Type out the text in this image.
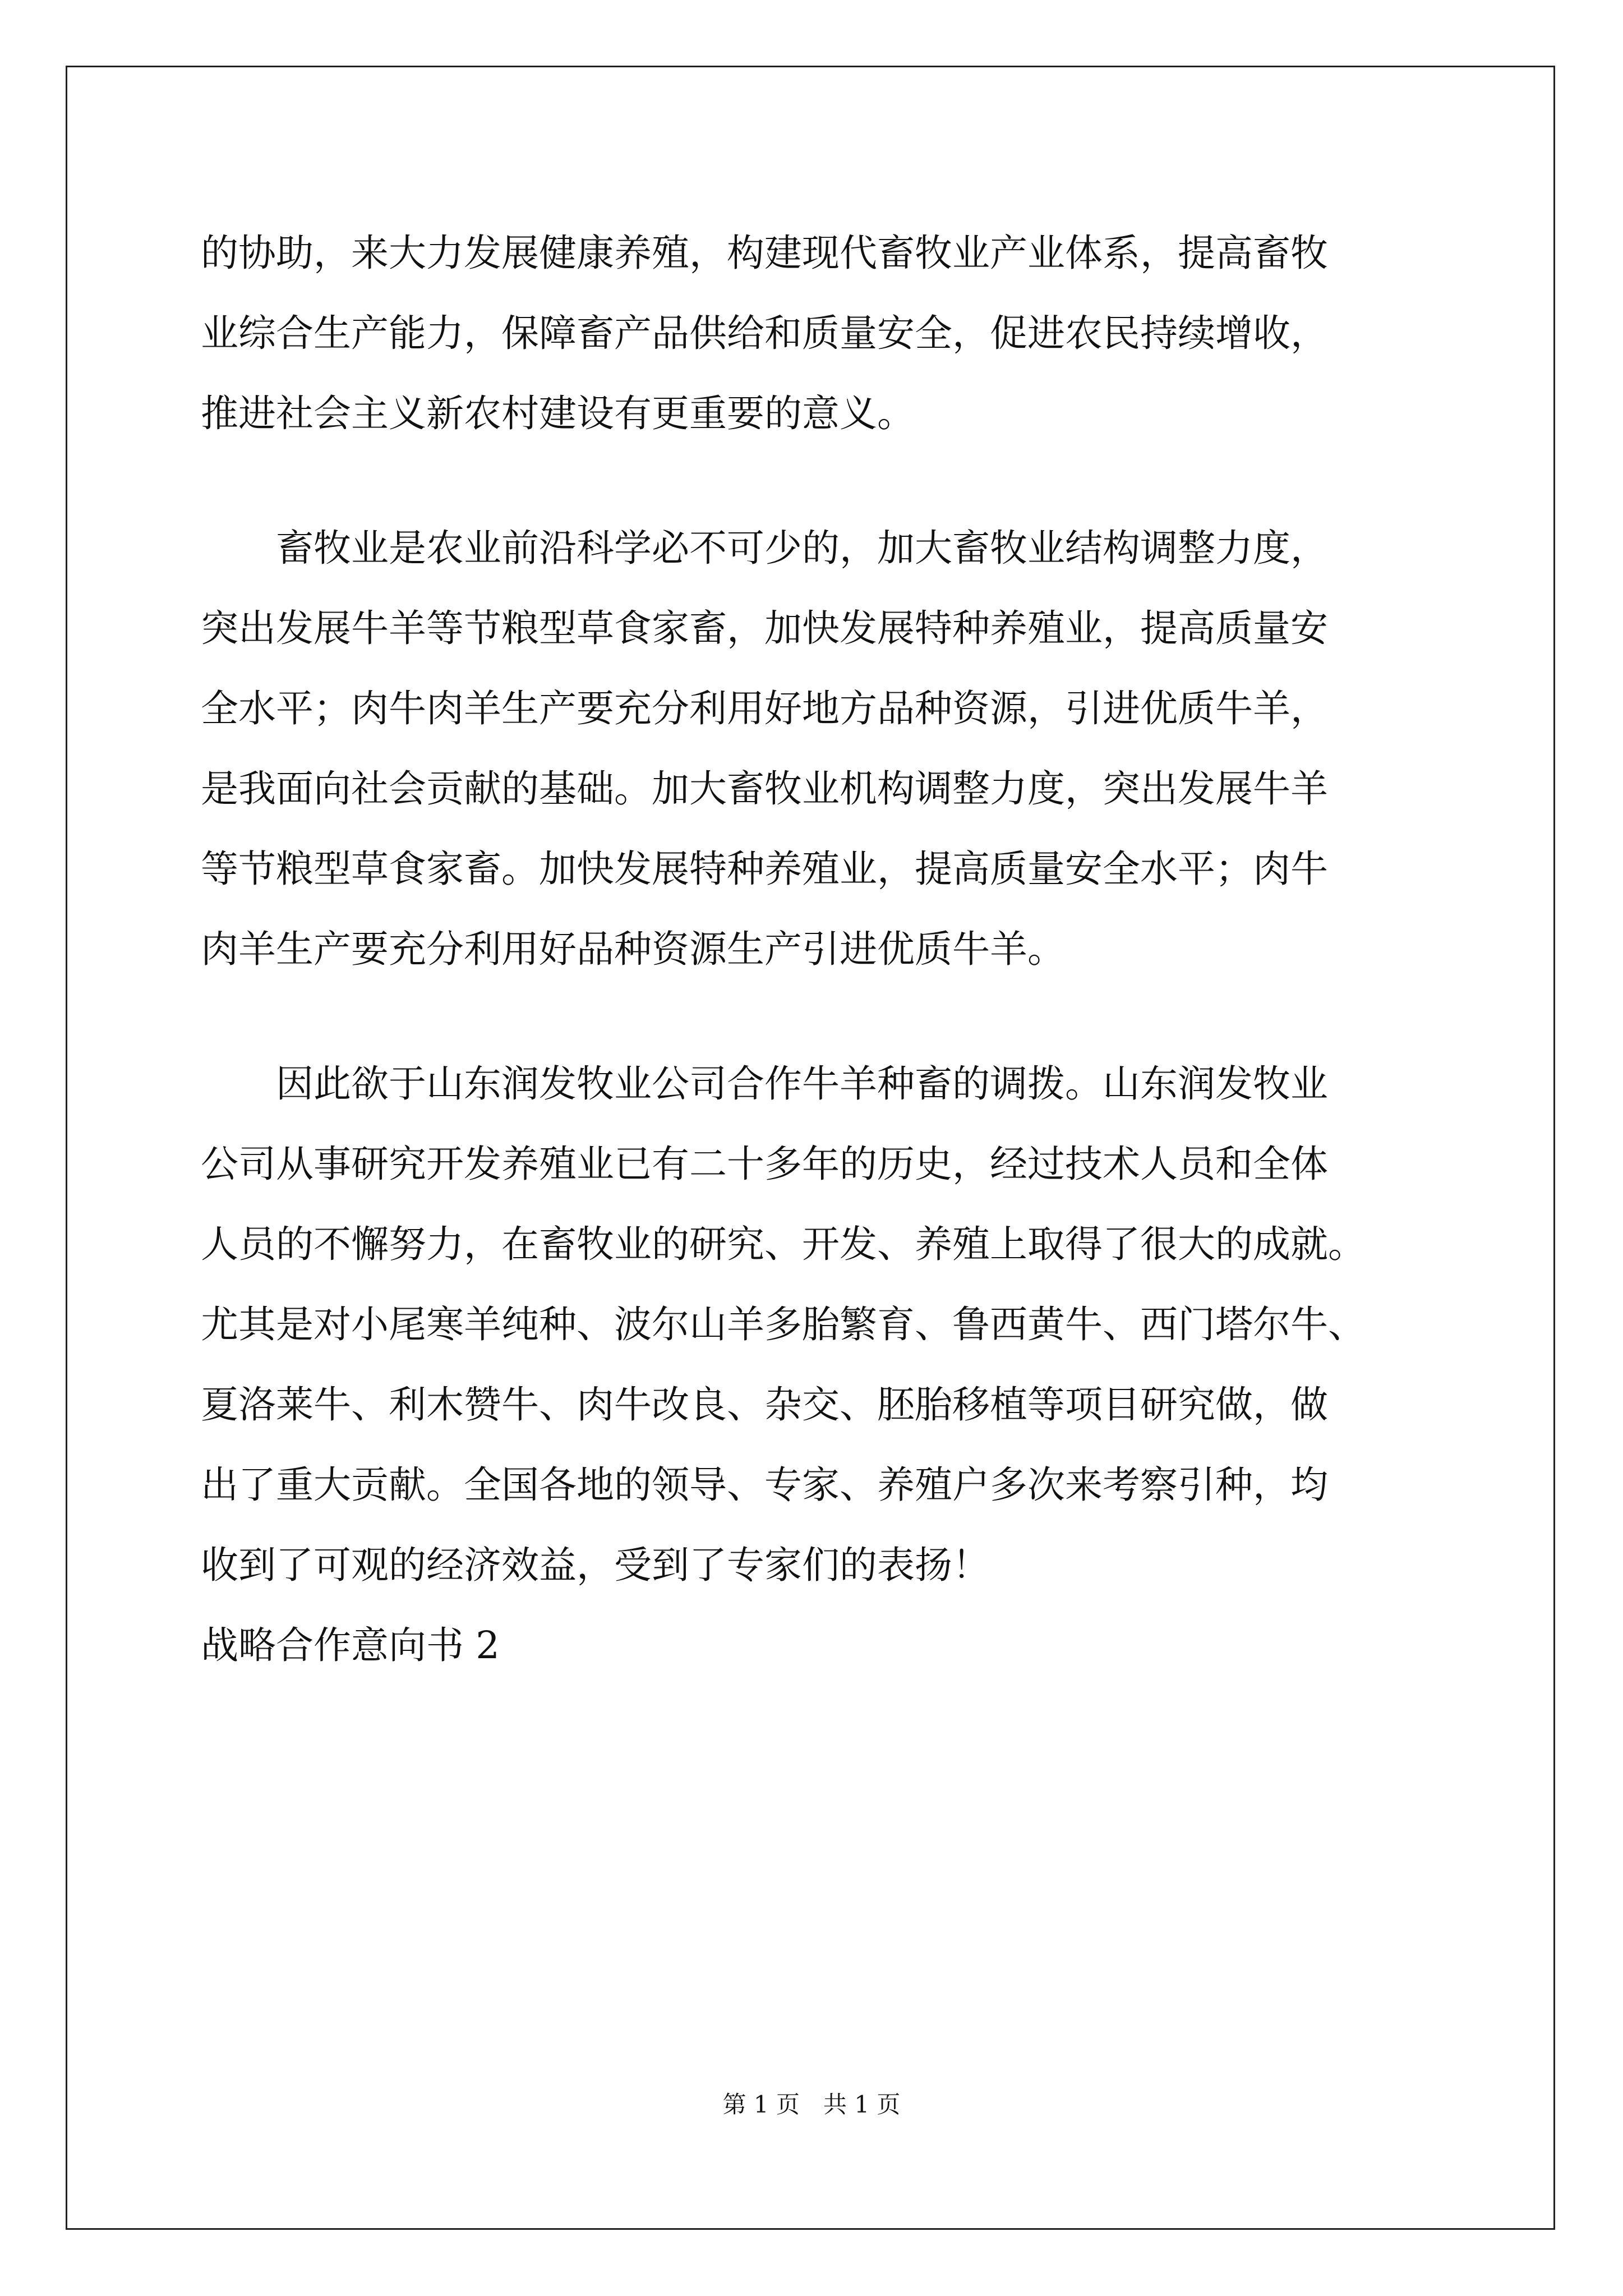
的协助，来大力发展健康养殖，构建现代畜牧业产业体系，提高畜牧
业综合生产能力，保障畜产品供给和质量安全，促进农民持续增收，
推进社会主义新农村建设有更重要的意义。
畜牧业是农业前沿科学必不可少的，加大畜牧业结构调整力度，
突出发展牛羊等节粮型草食家畜，加快发展特种养殖业，提高质量安
全水平；肉牛肉羊生产要充分利用好地方品种资源，引进优质牛羊，
是我面向社会贡献的基础。加大畜牧业机构调整力度，突出发展牛羊
等节粮型草食家畜。加快发展特种养殖业，提高质量安全水平；肉牛
肉羊生产要充分利用好品种资源生产引进优质牛羊。
因此欲于山东润发牧业公司合作牛羊种畜的调拨。山东润发牧业
公司从事研究开发养殖业已有二十多年的历史，经过技术人员和全体
人员的不懈努力，在畜牧业的研究、开发、养殖上取得了很大的成就。
尤其是对小尾寒羊纯种、波尔山羊多胎繁育、鲁西黄牛、西门塔尔牛、
夏洛莱牛、利木赞牛、肉牛改良、杂交、胚胎移植等项目研究做，做
出了重大贡献。全国各地的领导、专家、养殖户多次来考察引种，均
收到了可观的经济效益，受到了专家们的表扬！
战略合作意向书 2
第 1 页　共 1 页
